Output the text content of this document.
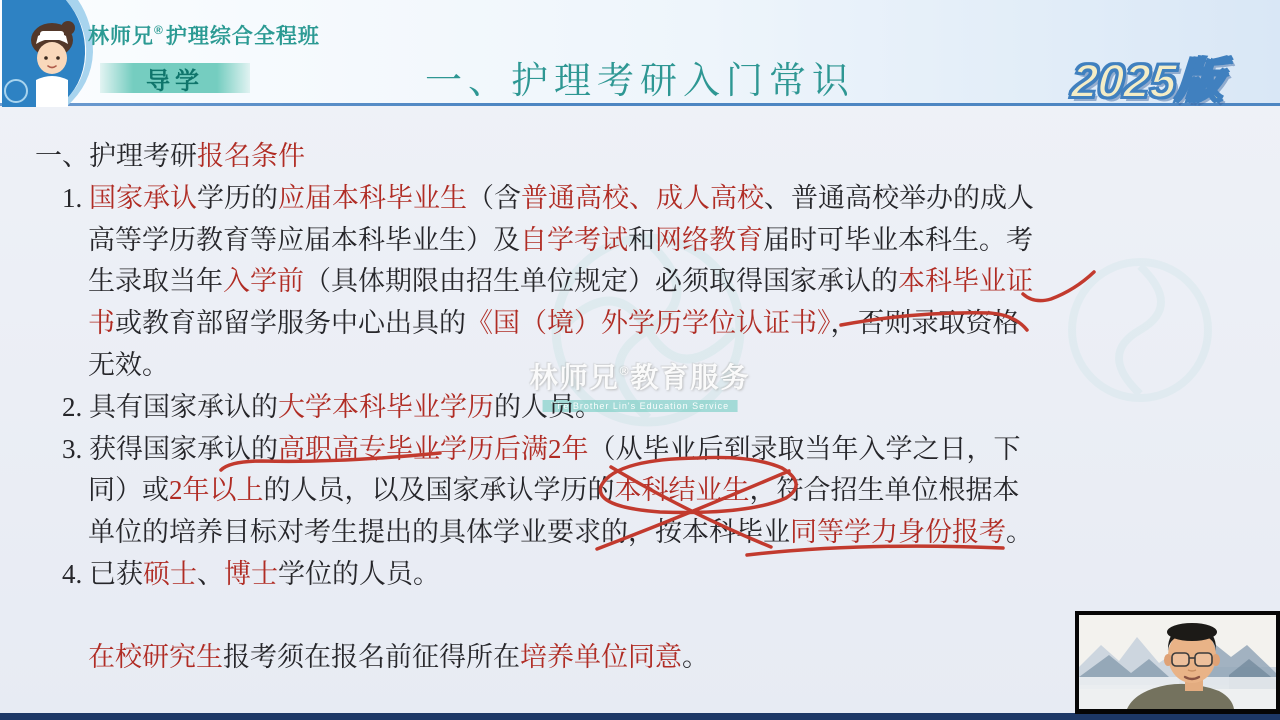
林师兄®护理综合全程班
导学	一、护理考研入门常识	2025版
林师兄®教育服务
The Brother Lin's Education Service
一、护理考研报名条件
1. 国家承认学历的应届本科毕业生（含普通高校、成人高校、普通高校举办的成人
高等学历教育等应届本科毕业生）及自学考试和网络教育届时可毕业本科生。考
生录取当年入学前（具体期限由招生单位规定）必须取得国家承认的本科毕业证
书或教育部留学服务中心出具的《国（境）外学历学位认证书》，否则录取资格
无效。
2. 具有国家承认的大学本科毕业学历的人员。
3. 获得国家承认的高职高专毕业学历后满2年（从毕业后到录取当年入学之日，下
同）或2年以上的人员，以及国家承认学历的本科结业生，符合招生单位根据本
单位的培养目标对考生提出的具体学业要求的，按本科毕业同等学力身份报考。
4. 已获硕士、博士学位的人员。
在校研究生报考须在报名前征得所在培养单位同意。
